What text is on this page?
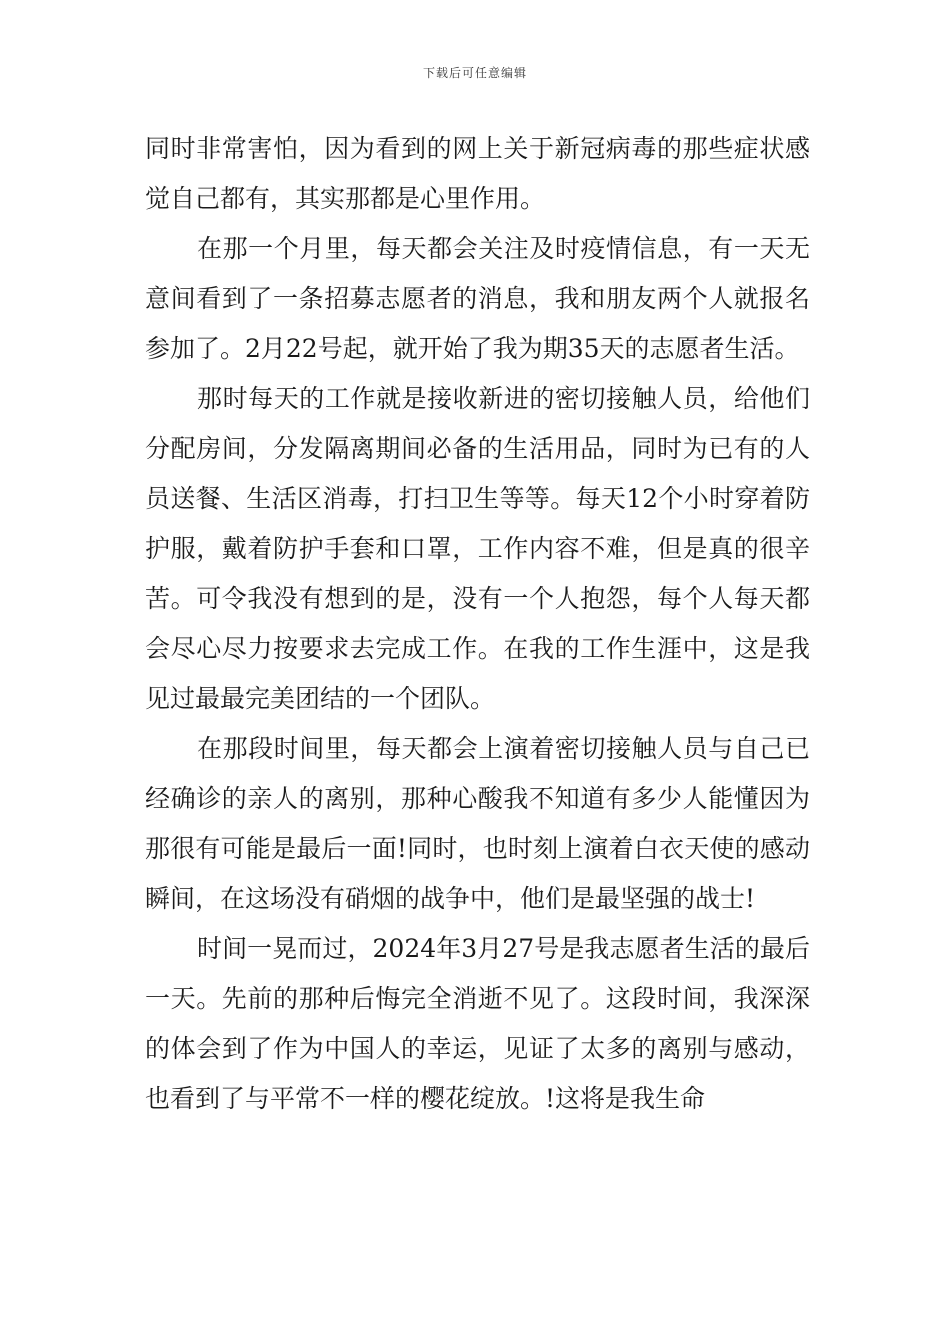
下载后可任意编辑

同时非常害怕，因为看到的网上关于新冠病毒的那些症状感觉自己都有，其实那都是心里作用。

在那一个月里，每天都会关注及时疫情信息，有一天无意间看到了一条招募志愿者的消息，我和朋友两个人就报名参加了。2月22号起，就开始了我为期35天的志愿者生活。

那时每天的工作就是接收新进的密切接触人员，给他们分配房间，分发隔离期间必备的生活用品，同时为已有的人员送餐、生活区消毒，打扫卫生等等。每天12个小时穿着防护服，戴着防护手套和口罩，工作内容不难，但是真的很辛苦。可令我没有想到的是，没有一个人抱怨，每个人每天都会尽心尽力按要求去完成工作。在我的工作生涯中，这是我见过最最完美团结的一个团队。

在那段时间里，每天都会上演着密切接触人员与自己已经确诊的亲人的离别，那种心酸我不知道有多少人能懂因为那很有可能是最后一面!同时，也时刻上演着白衣天使的感动瞬间，在这场没有硝烟的战争中，他们是最坚强的战士!

时间一晃而过，2024年3月27号是我志愿者生活的最后一天。先前的那种后悔完全消逝不见了。这段时间，我深深的体会到了作为中国人的幸运，见证了太多的离别与感动，也看到了与平常不一样的樱花绽放。!这将是我生命
